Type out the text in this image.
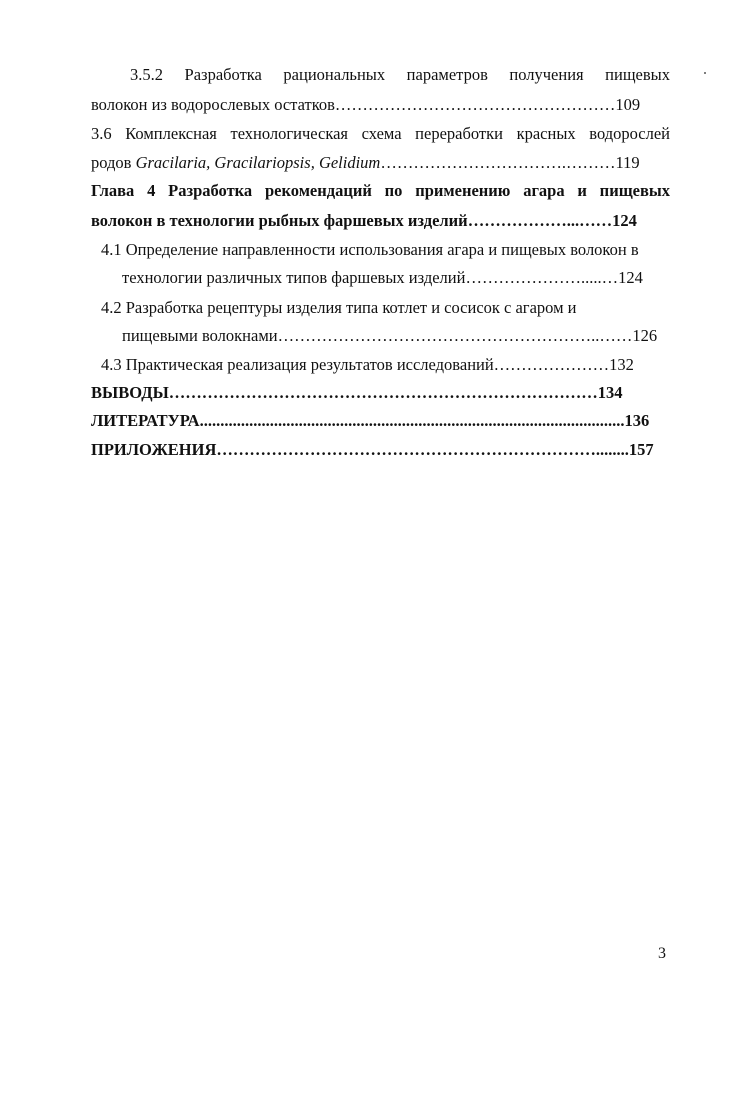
3.5.2 Разработка рациональных параметров получения пищевых
волокон из водорослевых остатков……………………………………………109
3.6 Комплексная технологическая схема переработки красных водорослей
родов Gracilaria, Gracilariopsis, Gelidium…………………………….………119
Глава 4 Разработка рекомендаций по применению агара и пищевых
волокон в технологии рыбных фаршевых изделий………………...……124
4.1 Определение направленности использования агара и пищевых волокон в
технологии различных типов фаршевых изделий………………….....…124
4.2 Разработка рецептуры изделия типа котлет и сосисок с агаром и
пищевыми волокнами…………………………………………………..……126
4.3 Практическая реализация результатов исследований…………………132
ВЫВОДЫ……………………………………………………………………134
ЛИТЕРАТУРА.......................................................................................................136
ПРИЛОЖЕНИЯ……………………………………………………………........157
3
